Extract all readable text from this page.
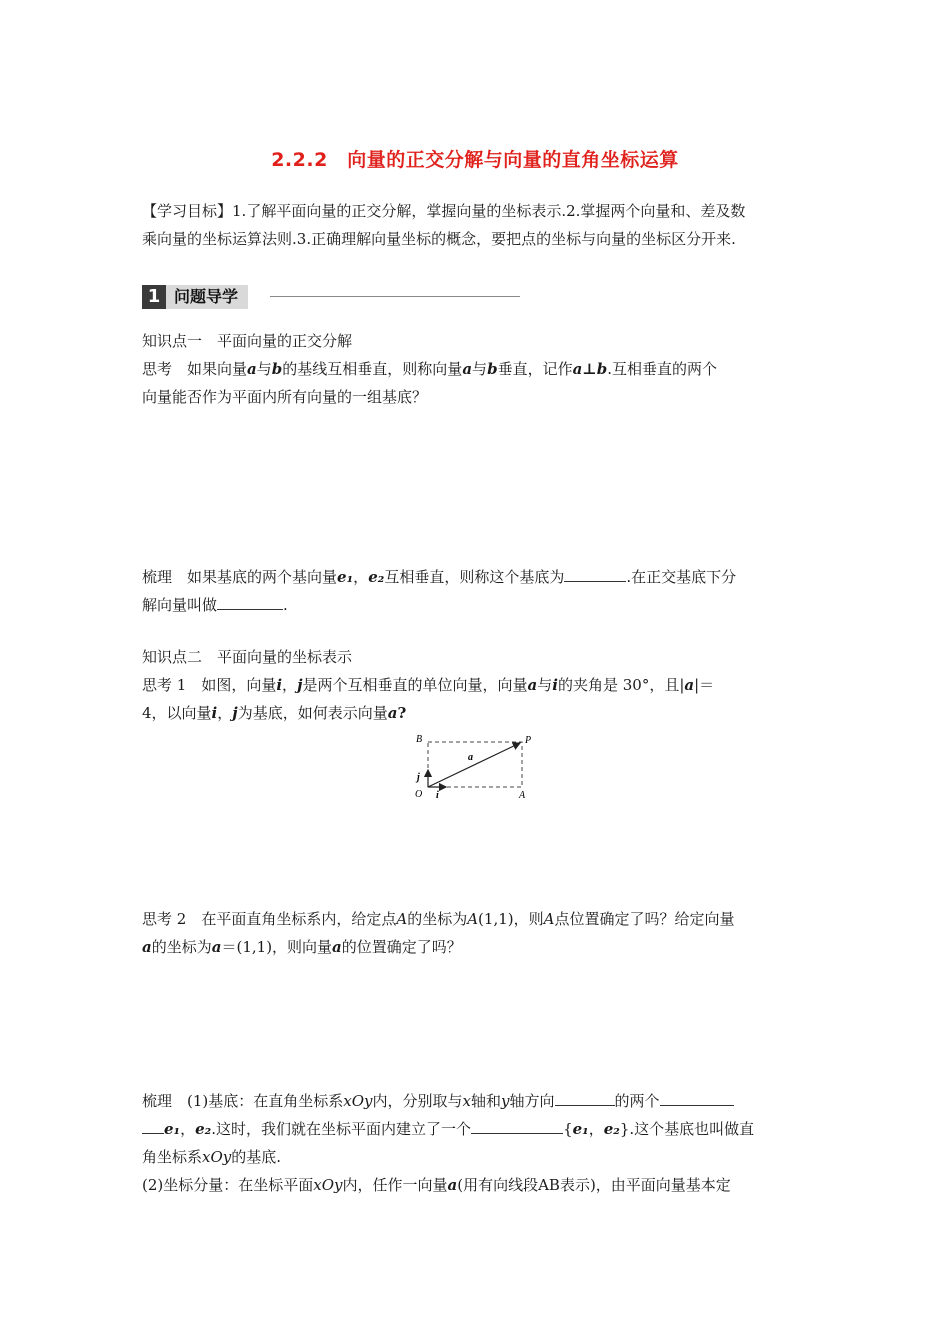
2.2.2　向量的正交分解与向量的直角坐标运算
【学习目标】1.了解平面向量的正交分解，掌握向量的坐标表示.2.掌握两个向量和、差及数
乘向量的坐标运算法则.3.正确理解向量坐标的概念，要把点的坐标与向量的坐标区分开来.
1 问题导学
知识点一　平面向量的正交分解
思考　 如果向量a与b的基线互相垂直，则称向量a与b垂直，记作a⊥b.互相垂直的两个
向量能否作为平面内所有向量的一组基底？
梳理　 如果基底的两个基向量e₁，e₂互相垂直，则称这个基底为	.在正交基底下分
解向量叫做	.
知识点二　平面向量的坐标表示
思考 1　 如图，向量i，j是两个互相垂直的单位向量，向量a与i的夹角是 30°，且|a|＝
4，以向量i，j为基底，如何表示向量a?
B	P
a
j
O i	A
思考 2　 在平面直角坐标系内，给定点A的坐标为A(1,1)，则A点位置确定了吗？给定向量
a的坐标为a＝(1,1)，则向量a的位置确定了吗？
梳理　 (1)基底：在直角坐标系xOy内，分别取与x轴和y轴方向	的两个
e₁，e₂.这时，我们就在坐标平面内建立了一个	{e₁，e₂}.这个基底也叫做直
角坐标系xOy的基底.
(2)坐标分量：在坐标平面xOy内，任作一向量a(用有向线段AB表示)，由平面向量基本定
